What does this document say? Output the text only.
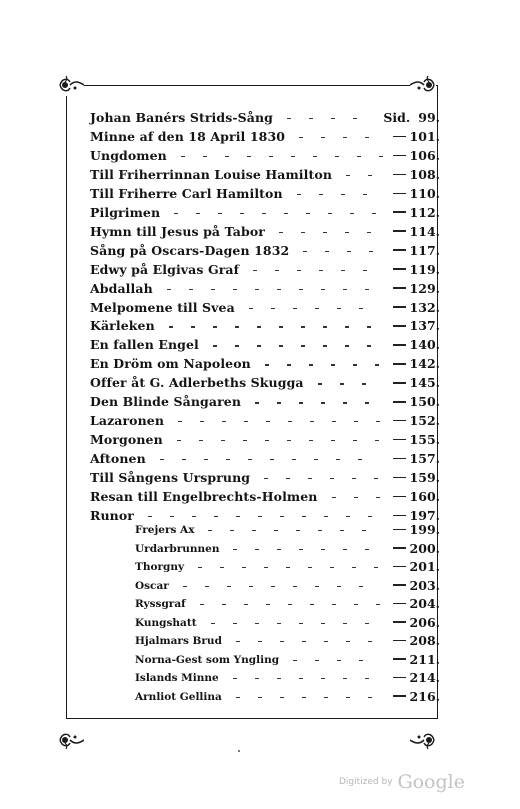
Johan Banérs Strids-Sång	Sid. 99.
Minne af den 18 April 1830	101.
Ungdomen	106.
Till Friherrinnan Louise Hamilton	108.
Till Friherre Carl Hamilton	110.
Pilgrimen	112.
Hymn till Jesus på Tabor	114.
Sång på Oscars-Dagen 1832	117.
Edwy på Elgivas Graf	119.
Abdallah	129.
Melpomene till Svea	132.
Kärleken	137.
En fallen Engel	140.
En Dröm om Napoleon	142.
Offer åt G. Adlerbeths Skugga	145.
Den Blinde Sångaren	150.
Lazaronen	152.
Morgonen	155.
Aftonen	157.
Till Sångens Ursprung	159.
Resan till Engelbrechts-Holmen	160.
Runor	197.
Frejers Ax	199.
Urdarbrunnen	200.
Thorgny	201.
Oscar	203.
Ryssgraf	204.
Kungshatt	206.
Hjalmars Brud	208.
Norna-Gest som Yngling	211.
Islands Minne	214.
Arnliot Gellina	216.
Digitized by Google
